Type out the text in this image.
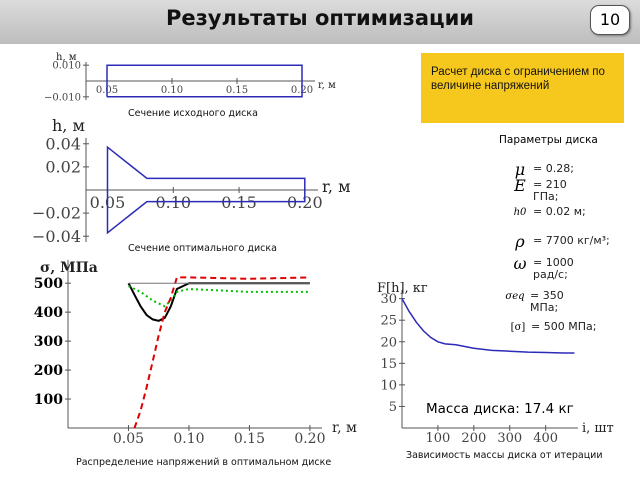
Результаты оптимизации	10
Расчет диска с ограничением по величине напряжений
0.05	0.10	0.15	0.20
0.010
−0.010
r, м
h, м
0.05 0.10 0.15 0.20
0.04
0.02
−0.02
−0.04
r, м
h, м
0.05 0.10 0.15 0.20
100
200
300
400
500
r, м
σ, МПа
100 200 300 400
5
10
15
20
25
30
i, шт
F[h], кг
Сечение исходного диска
Сечение оптимального диска
Распределение напряжений в оптимальном диске
Зависимость массы диска от итерации
Параметры диска
μ = 0.28;
E = 210 ГПа;
h0 = 0.02 м;
ρ = 7700 кг/м³;
ω = 1000 рад/с;
σeq = 350 МПа;
[σ] = 500 МПа;
Масса диска: 17.4 кг
